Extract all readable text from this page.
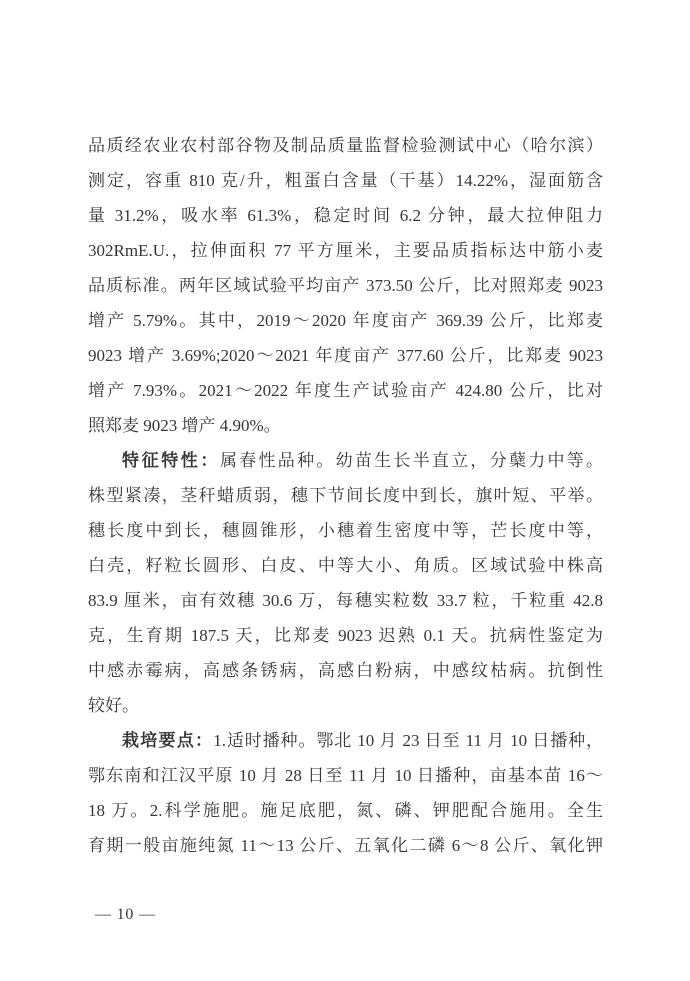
品质经农业农村部谷物及制品质量监督检验测试中心（哈尔滨）
测定，容重 810 克/升，粗蛋白含量（干基）14.22%，湿面筋含
量 31.2%，吸水率 61.3%，稳定时间 6.2 分钟，最大拉伸阻力
302RmE.U.，拉伸面积 77 平方厘米，主要品质指标达中筋小麦
品质标准。两年区域试验平均亩产 373.50 公斤，比对照郑麦 9023
增产 5.79%。其中，2019～2020 年度亩产 369.39 公斤，比郑麦
9023 增产 3.69%;2020～2021 年度亩产 377.60 公斤，比郑麦 9023
增产 7.93%。2021～2022 年度生产试验亩产 424.80 公斤，比对
照郑麦 9023 增产 4.90%。
特征特性：属春性品种。幼苗生长半直立，分蘖力中等。
株型紧凑，茎秆蜡质弱，穗下节间长度中到长，旗叶短、平举。
穗长度中到长，穗圆锥形，小穗着生密度中等，芒长度中等，
白壳，籽粒长圆形、白皮、中等大小、角质。区域试验中株高
83.9 厘米，亩有效穗 30.6 万，每穗实粒数 33.7 粒，千粒重 42.8
克，生育期 187.5 天，比郑麦 9023 迟熟 0.1 天。抗病性鉴定为
中感赤霉病，高感条锈病，高感白粉病，中感纹枯病。抗倒性
较好。
栽培要点：1.适时播种。鄂北 10 月 23 日至 11 月 10 日播种，
鄂东南和江汉平原 10 月 28 日至 11 月 10 日播种，亩基本苗 16～
18 万。2.科学施肥。施足底肥，氮、磷、钾肥配合施用。全生
育期一般亩施纯氮 11～13 公斤、五氧化二磷 6～8 公斤、氧化钾
— 10 —
